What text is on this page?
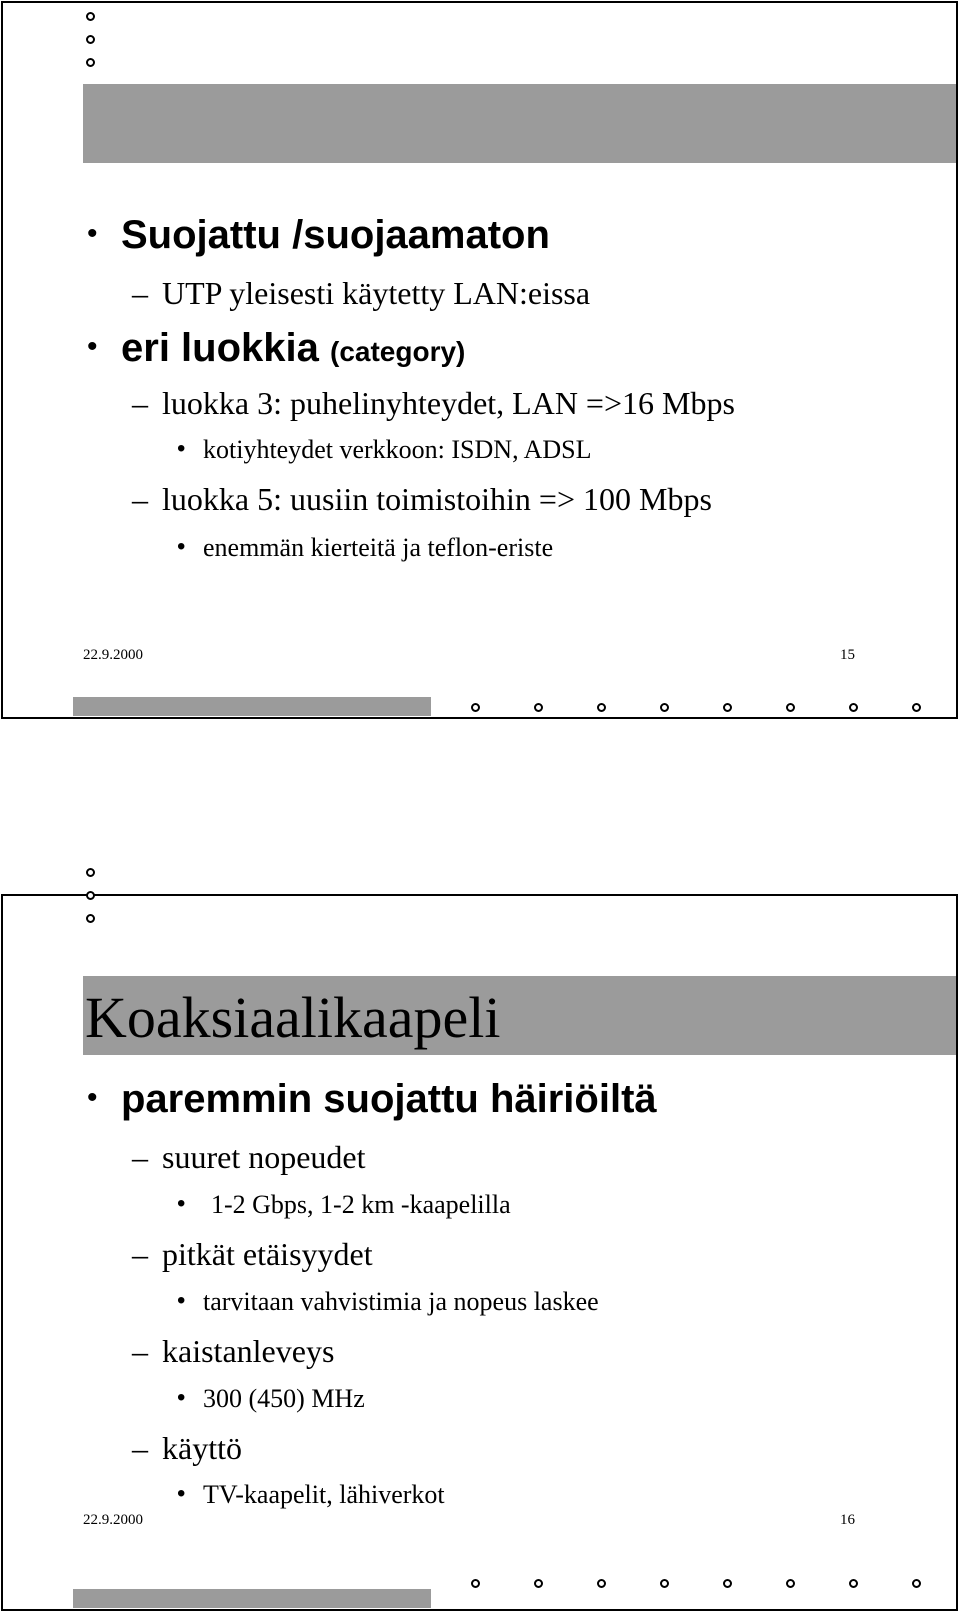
• Suojattu /suojaamaton
– UTP yleisesti käytetty LAN:eissa
• eri luokkia (category)
– luokka 3: puhelinyhteydet, LAN =>16 Mbps
• kotiyhteydet verkkoon: ISDN, ADSL
– luokka 5: uusiin toimistoihin => 100 Mbps
• enemmän kierteitä ja teflon-eriste
22.9.2000	15
Koaksiaalikaapeli
• paremmin suojattu häiriöiltä
– suuret nopeudet
• 1-2 Gbps, 1-2 km -kaapelilla
– pitkät etäisyydet
• tarvitaan vahvistimia ja nopeus laskee
– kaistanleveys
• 300 (450) MHz
– käyttö
• TV-kaapelit, lähiverkot
22.9.2000	16
